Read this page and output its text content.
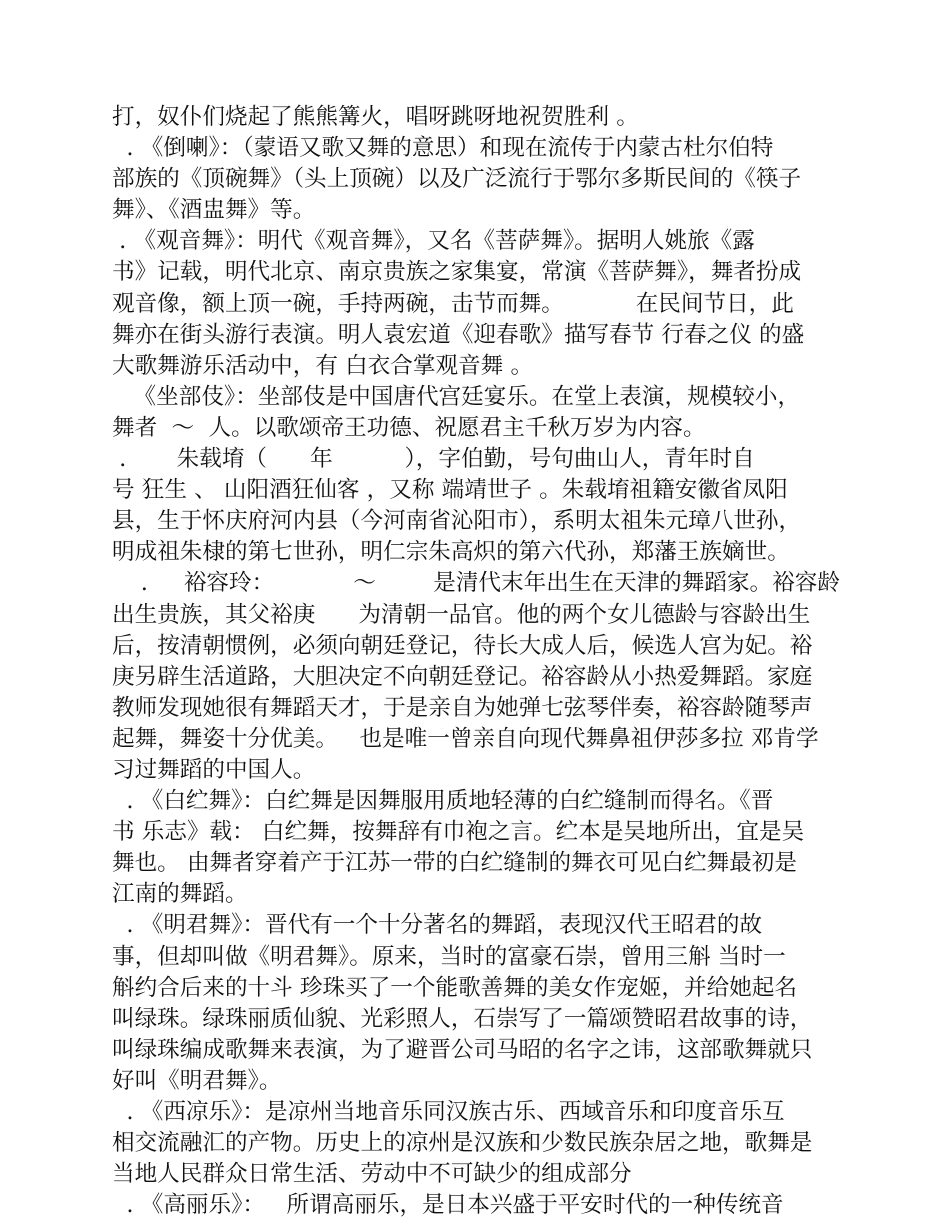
打，奴仆们烧起了熊熊篝火，唱呀跳呀地祝贺胜利 。
. 《倒喇》：（蒙语又歌又舞的意思）和现在流传于内蒙古杜尔伯特
部族的《顶碗舞》（头上顶碗）以及广泛流行于鄂尔多斯民间的《筷子
舞》、《酒盅舞》等。
. 《观音舞》：明代《观音舞》，又名《菩萨舞》。据明人姚旅《露
书》记载，明代北京、南京贵族之家集宴，常演《菩萨舞》，舞者扮成
观音像，额上顶一碗，手持两碗，击节而舞。          在民间节日，此
舞亦在街头游行表演。明人袁宏道《迎春歌》描写春节 行春之仪 的盛
大歌舞游乐活动中，有 白衣合掌观音舞 。
《坐部伎》：坐部伎是中国唐代宫廷宴乐。在堂上表演，规模较小，
舞者  ～  人。以歌颂帝王功德、祝愿君主千秋万岁为内容。
.       朱载堉（      年          ），字伯勤，号句曲山人，青年时自
号 狂生 、 山阳酒狂仙客 ，又称 端靖世子 。朱载堉祖籍安徽省凤阳
县，生于怀庆府河内县（今河南省沁阳市），系明太祖朱元璋八世孙，
明成祖朱棣的第七世孙，明仁宗朱高炽的第六代孙，郑藩王族嫡世。
.     裕容玲：           ～        是清代末年出生在天津的舞蹈家。裕容龄
出生贵族，其父裕庚      为清朝一品官。他的两个女儿德龄与容龄出生
后，按清朝惯例，必须向朝廷登记，待长大成人后，候选人宫为妃。裕
庚另辟生活道路，大胆决定不向朝廷登记。裕容龄从小热爱舞蹈。家庭
教师发现她很有舞蹈天才，于是亲自为她弹七弦琴伴奏，裕容龄随琴声
起舞，舞姿十分优美。   也是唯一曾亲自向现代舞鼻祖伊莎多拉 邓肯学
习过舞蹈的中国人。
. 《白纻舞》：白纻舞是因舞服用质地轻薄的白纻缝制而得名。《晋
书 乐志》载： 白纻舞，按舞辞有巾袍之言。纻本是吴地所出，宜是吴
舞也。 由舞者穿着产于江苏一带的白纻缝制的舞衣可见白纻舞最初是
江南的舞蹈。
. 《明君舞》：晋代有一个十分著名的舞蹈，表现汉代王昭君的故
事，但却叫做《明君舞》。原来，当时的富豪石崇，曾用三斛 当时一
斛约合后来的十斗 珍珠买了一个能歌善舞的美女作宠姬，并给她起名
叫绿珠。绿珠丽质仙貌、光彩照人，石崇写了一篇颂赞昭君故事的诗，
叫绿珠编成歌舞来表演，为了避晋公司马昭的名字之讳，这部歌舞就只
好叫《明君舞》。
. 《西凉乐》：是凉州当地音乐同汉族古乐、西域音乐和印度音乐互
相交流融汇的产物。历史上的凉州是汉族和少数民族杂居之地，歌舞是
当地人民群众日常生活、劳动中不可缺少的组成部分
. 《高丽乐》：   所谓高丽乐，是日本兴盛于平安时代的一种传统音
